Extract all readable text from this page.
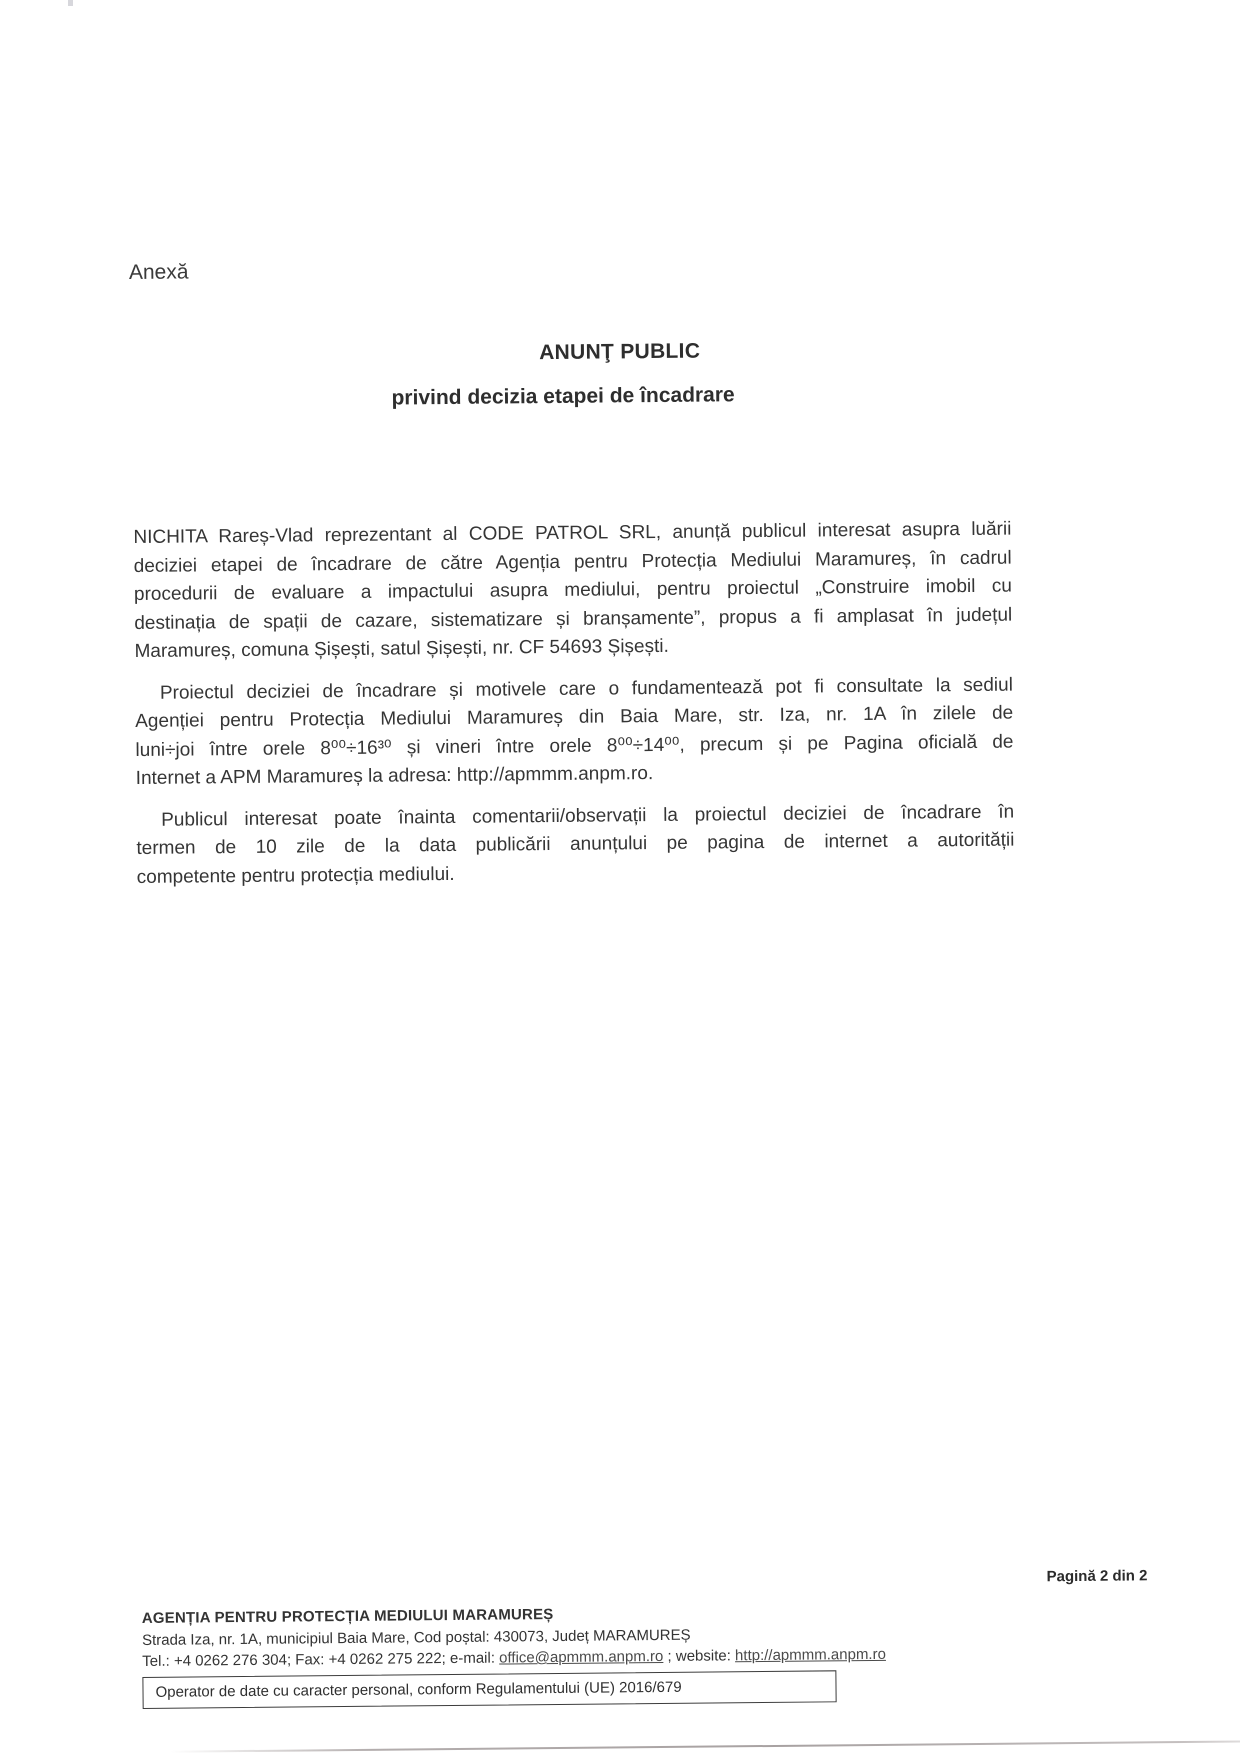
Anexă
ANUNŢ PUBLIC
privind decizia etapei de încadrare
NICHITA Rareș-Vlad reprezentant al CODE PATROL SRL, anunță publicul interesat asupra luării
deciziei etapei de încadrare de către Agenția pentru Protecția Mediului Maramureș, în cadrul
procedurii de evaluare a impactului asupra mediului, pentru proiectul „Construire imobil cu
destinația de spații de cazare, sistematizare și branșamente”, propus a fi amplasat în județul
Maramureș, comuna Șișești, satul Șișești, nr. CF 54693 Șișești.
Proiectul deciziei de încadrare și motivele care o fundamentează pot fi consultate la sediul
Agenției pentru Protecția Mediului Maramureș din Baia Mare, str. Iza, nr. 1A în zilele de
luni÷joi între orele 8⁰⁰÷16³⁰ și vineri între orele 8⁰⁰÷14⁰⁰, precum și pe Pagina oficială de
Internet a APM Maramureș la adresa: http://apmmm.anpm.ro.
Publicul interesat poate înainta comentarii/observații la proiectul deciziei de încadrare în
termen de 10 zile de la data publicării anunțului pe pagina de internet a autorității
competente pentru protecția mediului.
Pagină 2 din 2
AGENȚIA PENTRU PROTECȚIA MEDIULUI MARAMUREȘ
Strada Iza, nr. 1A, municipiul Baia Mare, Cod poștal: 430073, Județ MARAMUREȘ
Tel.: +4 0262 276 304; Fax: +4 0262 275 222; e-mail: office@apmmm.anpm.ro ; website: http://apmmm.anpm.ro
Operator de date cu caracter personal, conform Regulamentului (UE) 2016/679
